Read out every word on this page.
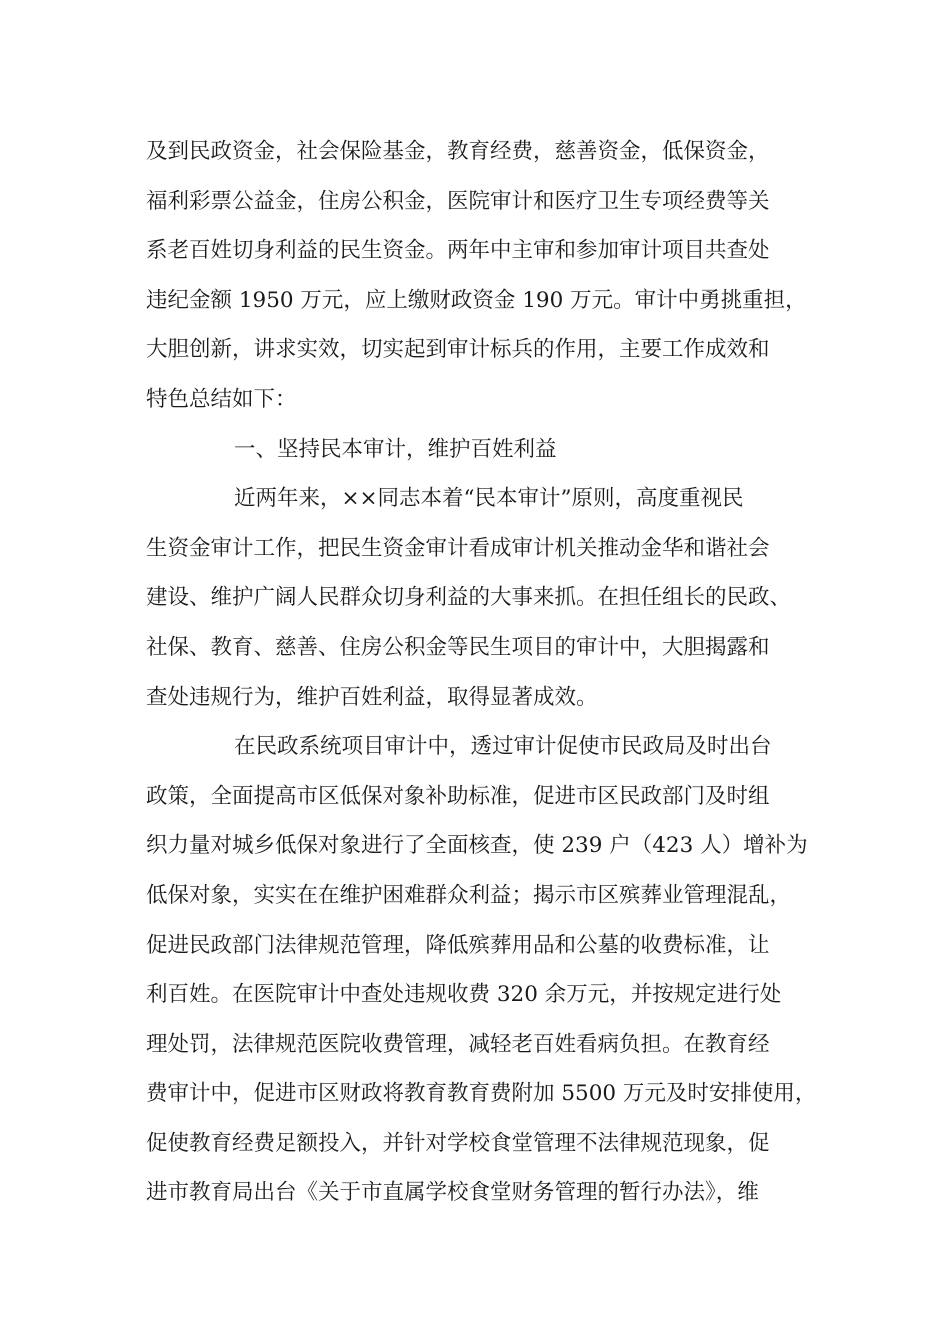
及到民政资金，社会保险基金，教育经费，慈善资金，低保资金，
福利彩票公益金，住房公积金，医院审计和医疗卫生专项经费等关
系老百姓切身利益的民生资金。两年中主审和参加审计项目共查处
违纪金额 1950 万元，应上缴财政资金 190 万元。审计中勇挑重担，
大胆创新，讲求实效，切实起到审计标兵的作用，主要工作成效和
特色总结如下：
一、坚持民本审计，维护百姓利益
近两年来，××同志本着“民本审计”原则，高度重视民
生资金审计工作，把民生资金审计看成审计机关推动金华和谐社会
建设、维护广阔人民群众切身利益的大事来抓。在担任组长的民政、
社保、教育、慈善、住房公积金等民生项目的审计中，大胆揭露和
查处违规行为，维护百姓利益，取得显著成效。
在民政系统项目审计中，透过审计促使市民政局及时出台
政策，全面提高市区低保对象补助标准，促进市区民政部门及时组
织力量对城乡低保对象进行了全面核查，使 239 户（423 人）增补为
低保对象，实实在在维护困难群众利益；揭示市区殡葬业管理混乱，
促进民政部门法律规范管理，降低殡葬用品和公墓的收费标准，让
利百姓。在医院审计中查处违规收费 320 余万元，并按规定进行处
理处罚，法律规范医院收费管理，减轻老百姓看病负担。在教育经
费审计中，促进市区财政将教育教育费附加 5500 万元及时安排使用，
促使教育经费足额投入，并针对学校食堂管理不法律规范现象，促
进市教育局出台《关于市直属学校食堂财务管理的暂行办法》，维
